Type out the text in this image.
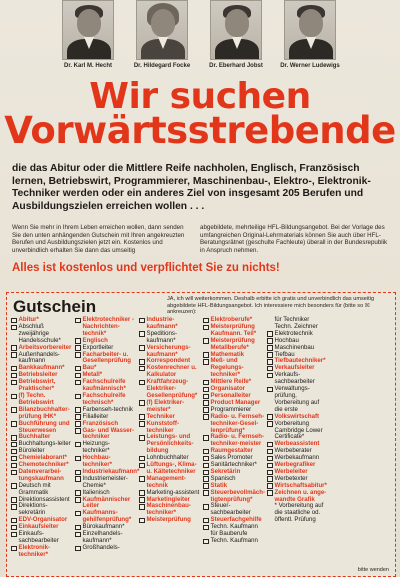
Dr. Karl M. Hecht	Dr. Hildegard Focke	Dr. Eberhard Jobst	Dr. Werner Ludewigs
Wir suchen
Vorwärtsstrebende
die das Abitur oder die Mittlere Reife nachholen, Englisch, Französisch lernen, Betriebswirt, Programmierer, Maschinenbau-, Elektro-, Elektronik-Techniker werden oder ein anderes Ziel von insgesamt 205 Berufen und Ausbildungszielen erreichen wollen . . .
Wenn Sie mehr in Ihrem Leben erreichen wollen, dann senden Sie den unten anhängenden Gutschein mit Ihren angekreuzten Berufen und Ausbildungszielen jetzt ein. Kostenlos und unverbindlich erhalten Sie dann das umseitig
abgebildete, mehrteilige HFL-Bildungsangebot. Bei der Vorlage des umfangreichen Original-Lehrmaterials können Sie auch über HFL-Beratungsrätnet (geschulte Fachleute) überall in der Bundesrepublik in Anspruch nehmen.
Alles ist kostenlos und verpflichtet Sie zu nichts!
Gutschein	JA, ich will weiterkommen. Deshalb erbitte ich gratis und unverbindlich das umseitig abgebildete HFL-Bildungsangebot. Ich interessiere mich besonders für (bitte so ☒ ankreuzen):
Abitur*
Abschluß zweijährige Handelsschule*
Arbeitsvorbereiter
Außenhandels-kaufmann
Bankkaufmann*
Betriebsleiter
Betriebswirt, Praktischer*
(f) Techn. Betriebswirt
Bilanzbuchhalter-prüfung IHK*
Buchführung und Steuerwesen
Buchhalter
Buchhaltungs-leiter
Büroleiter
Chemielaborant*
Chemotechniker*
Datenverarbei-tungskaufmann
Deutsch mit Grammatik
Direktionsassistent
Direktions-sekretärin
EDV-Organisator
Einkaufsleiter
Einkaufs-sachbearbeiter
Elektronik-techniker*
Elektrotechniker - Nachrichten-technik*
Englisch
Exportleiter
Facharbeiter- u. Gesellenprüfung
Bau*
Metall*
Fachschulreife kaufmännisch*
Fachschulreife technisch*
Farbenseh-technik
Filialleiter
Französisch
Gas- und Wasser-techniker
Heizungs-techniker*
Hochbau-techniker*
Industriekaufmann*
Industriemeister-Chemie*
Italienisch
Kaufmännischer Leiter
Kaufmanns-gehilfenprüfung*
Bürokaufmann*
Einzelhandels-kaufmann*
Großhandels-
Industrie-kaufmann*
Speditions-kaufmann*
Versicherungs-kaufmann*
Korrespondent
Kostenrechner u. Kalkulator
Kraftfahrzeug-Elektriker-Gesellenprüfung*
(f) Elektriker-meister*
Techniker
Kunststoff-techniker
Leistungs- und Persönlichkeits-bildung
Lohnbuchhalter
Lüftungs-, Klima- u. Kältetechniker
Management-technik
Marketing-assistent
Marketingleiter
Maschinenbau-techniker*
Meisterprüfung
Elektroberufe*
Meisterprüfung Kaufmann. Teil*
Meisterprüfung Metallberufe*
Mathematik
Meß- und Regelungs-techniker*
Mittlere Reife*
Organisator
Personalleiter
Product Manager
Programmierer
Radio- u. Fernseh-techniker-Gesel-lenprüfung*
Radio- u. Fernseh-techniker-meister
Raumgestalter
Sales Promoter
Sanitärtechniker*
Sekretärin
Spanisch
Statik
Steuerbevollmäch-tigtenprüfung*
Steuer-sachbearbeiter
Steuerfachgehilfe
Techn. Kaufmann für Bauberufe
Techn. Kaufmann
für Techniker
Techn. Zeichner
Elektrotechnik
Hochbau
Maschinenbau
Tiefbau
Tiefbautechniker*
Verkaufsleiter
Verkaufs-sachbearbeiter
Verwaltungs-prüfung, Vorbereitung auf die erste
Volkswirtschaft
Vorbereitung Cambridge Lower Certificate*
Werbeassistent
Werbeberater
Werbekaufmann
Werbegrafiker
Werbeleiter
Werbetexter
Wirtschaftsabitur*
Zeichnen u. ange-wandte Grafik
* Vorbereitung auf die staatliche od. öffentl. Prüfung
bitte wenden
